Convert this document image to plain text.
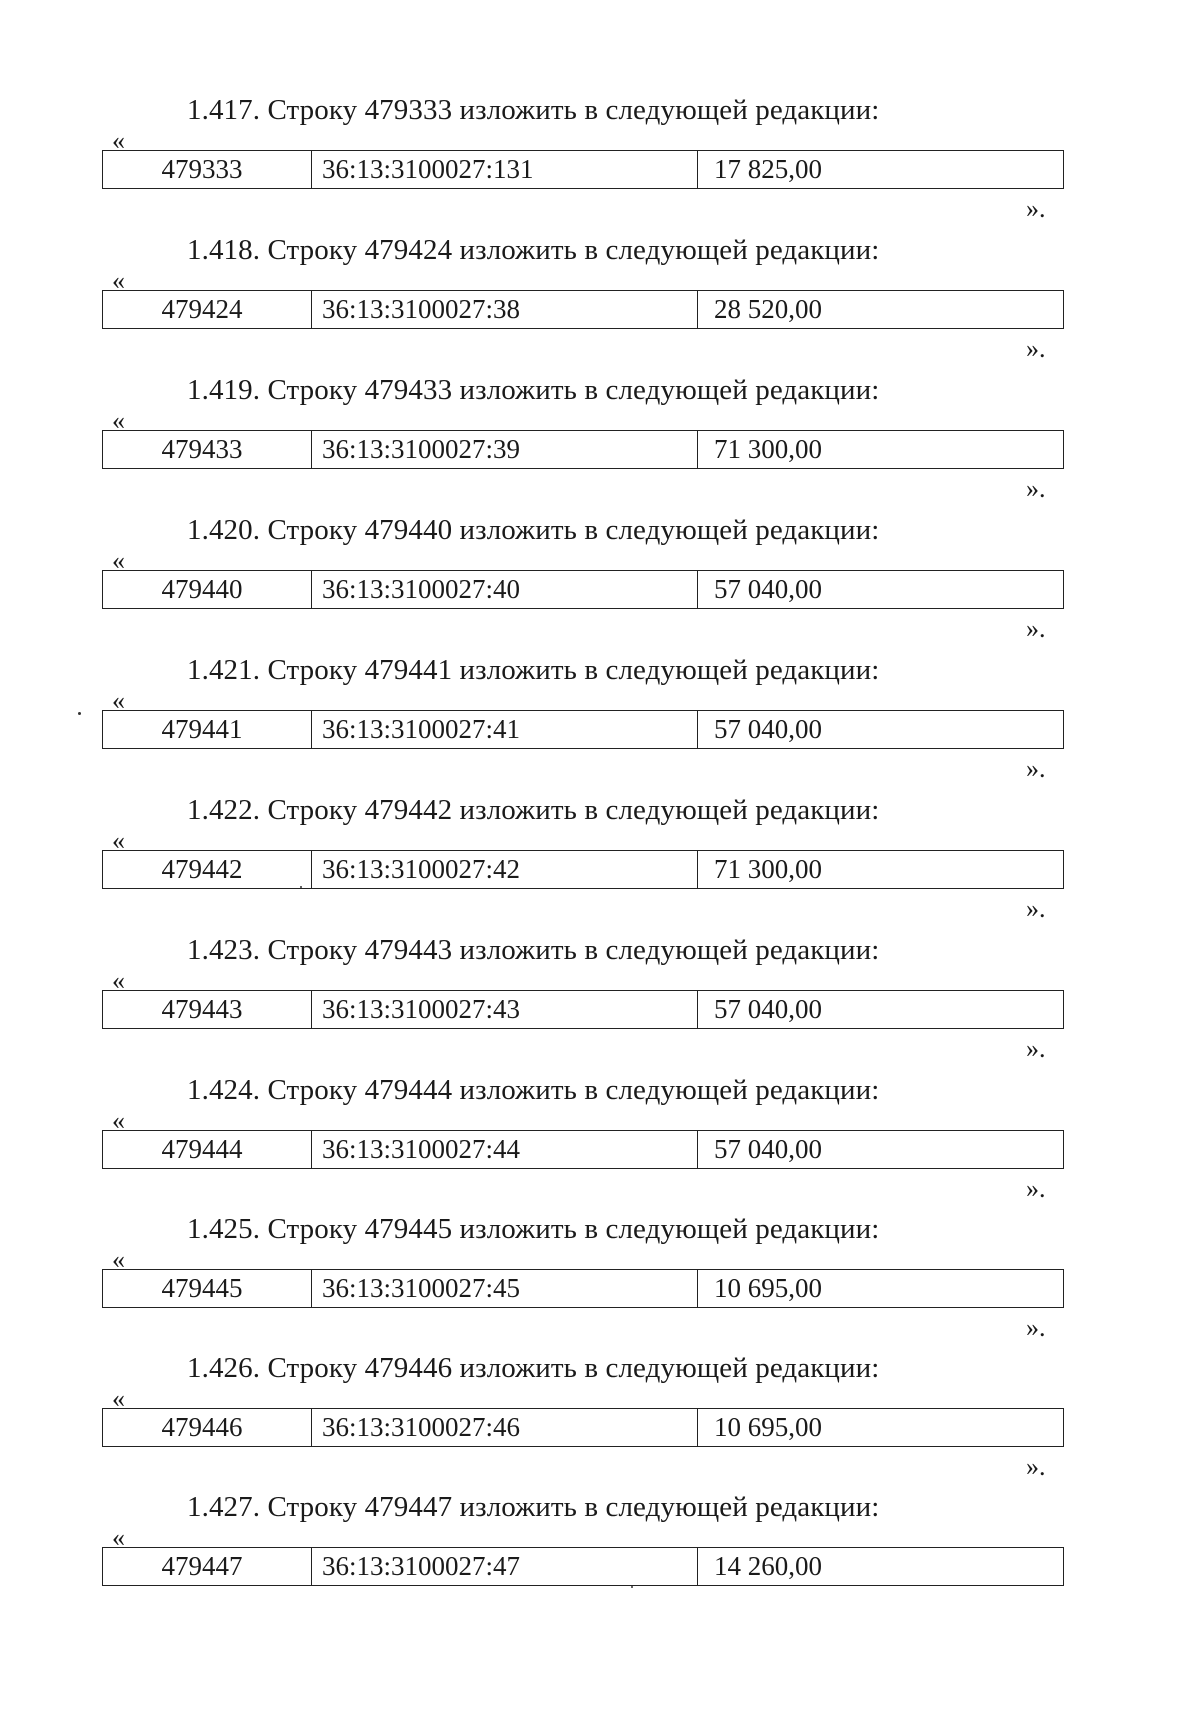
1.417. Строку 479333 изложить в следующей редакции:
«
479333	36:13:3100027:131	17 825,00
».
1.418. Строку 479424 изложить в следующей редакции:
«
479424	36:13:3100027:38	28 520,00
».
1.419. Строку 479433 изложить в следующей редакции:
«
479433	36:13:3100027:39	71 300,00
».
1.420. Строку 479440 изложить в следующей редакции:
«
479440	36:13:3100027:40	57 040,00
».
1.421. Строку 479441 изложить в следующей редакции:
«
479441	36:13:3100027:41	57 040,00
».
1.422. Строку 479442 изложить в следующей редакции:
«
479442	36:13:3100027:42	71 300,00
».
1.423. Строку 479443 изложить в следующей редакции:
«
479443	36:13:3100027:43	57 040,00
».
1.424. Строку 479444 изложить в следующей редакции:
«
479444	36:13:3100027:44	57 040,00
».
1.425. Строку 479445 изложить в следующей редакции:
«
479445	36:13:3100027:45	10 695,00
».
1.426. Строку 479446 изложить в следующей редакции:
«
479446	36:13:3100027:46	10 695,00
».
1.427. Строку 479447 изложить в следующей редакции:
«
479447	36:13:3100027:47	14 260,00
